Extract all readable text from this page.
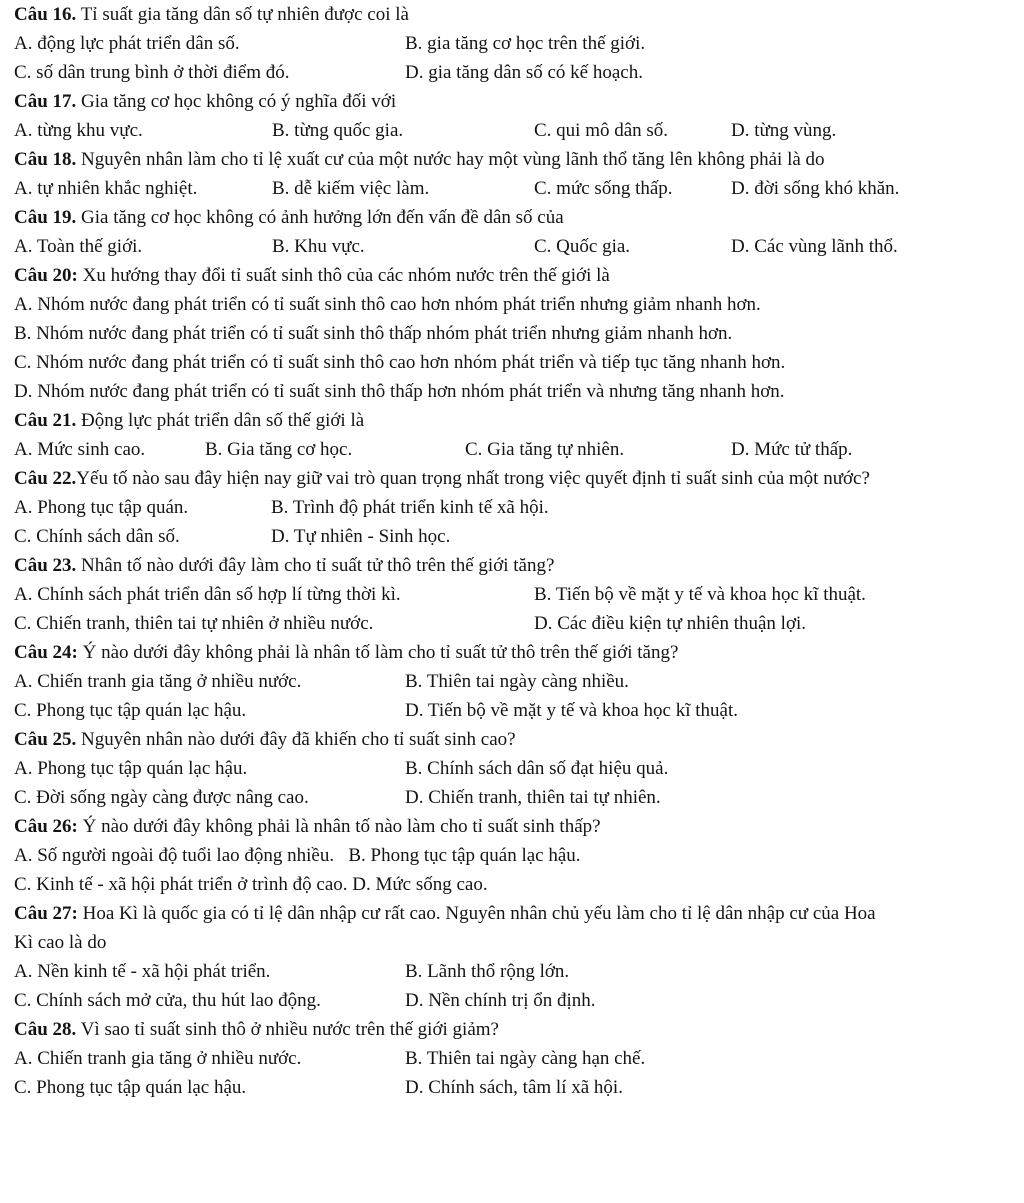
Câu 16. Tỉ suất gia tăng dân số tự nhiên được coi là
A. động lực phát triển dân số.	B. gia tăng cơ học trên thế giới.
C. số dân trung bình ở thời điểm đó.	D. gia tăng dân số có kế hoạch.
Câu 17. Gia tăng cơ học không có ý nghĩa đối với
A. từng khu vực.	B. từng quốc gia.	C. qui mô dân số.	D. từng vùng.
Câu 18. Nguyên nhân làm cho tỉ lệ xuất cư của một nước hay một vùng lãnh thổ tăng lên không phải là do
A. tự nhiên khắc nghiệt.	B. dễ kiếm việc làm.	C. mức sống thấp.	D. đời sống khó khăn.
Câu 19. Gia tăng cơ học không có ảnh hưởng lớn đến vấn đề dân số của
A. Toàn thế giới.	B. Khu vực.	C. Quốc gia.	D. Các vùng lãnh thổ.
Câu 20: Xu hướng thay đổi tỉ suất sinh thô của các nhóm nước trên thế giới là
A. Nhóm nước đang phát triển có tỉ suất sinh thô cao hơn nhóm phát triển nhưng giảm nhanh hơn.
B. Nhóm nước đang phát triển có tỉ suất sinh thô thấp nhóm phát triển nhưng giảm nhanh hơn.
C. Nhóm nước đang phát triển có tỉ suất sinh thô cao hơn nhóm phát triển và tiếp tục tăng nhanh hơn.
D. Nhóm nước đang phát triển có tỉ suất sinh thô thấp hơn nhóm phát triển và nhưng tăng nhanh hơn.
Câu 21. Động lực phát triển dân số thế giới là
A. Mức sinh cao.	B. Gia tăng cơ học.	C. Gia tăng tự nhiên.	D. Mức tử thấp.
Câu 22.Yếu tố nào sau đây hiện nay giữ vai trò quan trọng nhất trong việc quyết định tỉ suất sinh của một nước?
A. Phong tục tập quán.	B. Trình độ phát triển kinh tế xã hội.
C. Chính sách dân số.	D. Tự nhiên - Sinh học.
Câu 23. Nhân tố nào dưới đây làm cho tỉ suất tử thô trên thế giới tăng?
A. Chính sách phát triển dân số hợp lí từng thời kì.	B. Tiến bộ về mặt y tế và khoa học kĩ thuật.
C. Chiến tranh, thiên tai tự nhiên ở nhiều nước.	D. Các điều kiện tự nhiên thuận lợi.
Câu 24: Ý nào dưới đây không phải là nhân tố làm cho tỉ suất tử thô trên thế giới tăng?
A. Chiến tranh gia tăng ở nhiều nước.	B. Thiên tai ngày càng nhiều.
C. Phong tục tập quán lạc hậu.	D. Tiến bộ về mặt y tế và khoa học kĩ thuật.
Câu 25. Nguyên nhân nào dưới đây đã khiến cho tỉ suất sinh cao?
A. Phong tục tập quán lạc hậu.	B. Chính sách dân số đạt hiệu quả.
C. Đời sống ngày càng được nâng cao.	D. Chiến tranh, thiên tai tự nhiên.
Câu 26: Ý nào dưới đây không phải là nhân tố nào làm cho tỉ suất sinh thấp?
A. Số người ngoài độ tuổi lao động nhiều.   B. Phong tục tập quán lạc hậu.
C. Kinh tế - xã hội phát triển ở trình độ cao. D. Mức sống cao.
Câu 27: Hoa Kì là quốc gia có tỉ lệ dân nhập cư rất cao. Nguyên nhân chủ yếu làm cho tỉ lệ dân nhập cư của Hoa
Kì cao là do
A. Nền kinh tế - xã hội phát triển.	B. Lãnh thổ rộng lớn.
C. Chính sách mở cửa, thu hút lao động.	D. Nền chính trị ổn định.
Câu 28. Vì sao tỉ suất sinh thô ở nhiều nước trên thế giới giảm?
A. Chiến tranh gia tăng ở nhiều nước.	B. Thiên tai ngày càng hạn chế.
C. Phong tục tập quán lạc hậu.	D. Chính sách, tâm lí xã hội.
